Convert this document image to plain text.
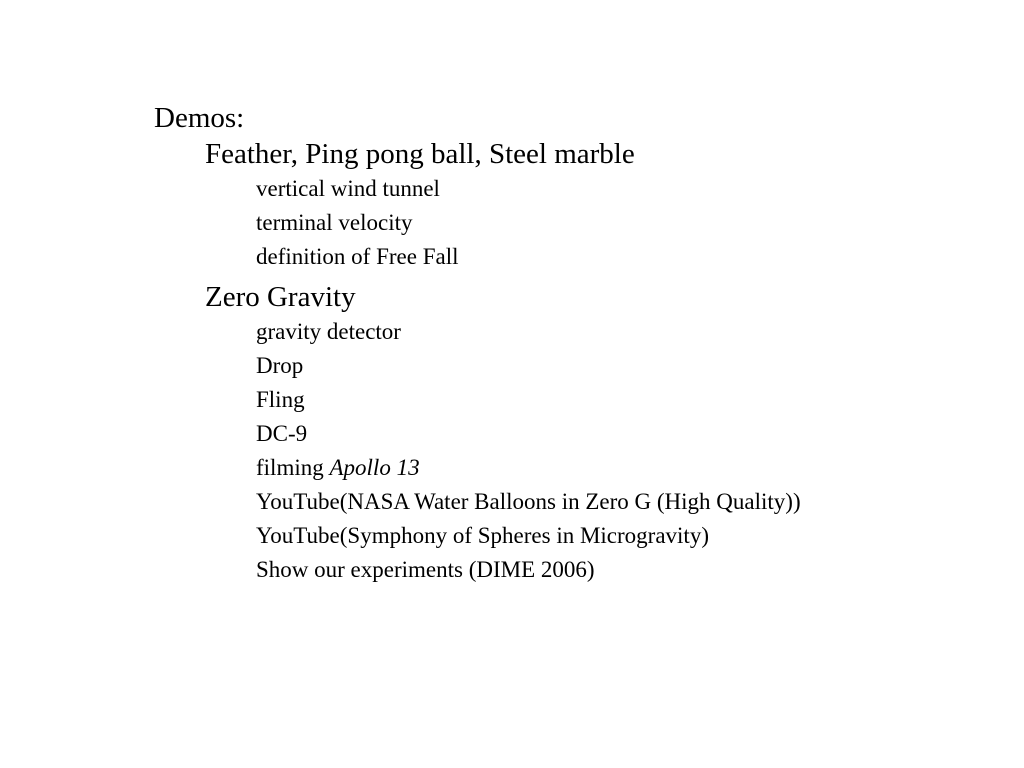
Demos:
Feather, Ping pong ball, Steel marble
vertical wind tunnel
terminal velocity
definition of Free Fall
Zero Gravity
gravity detector
Drop
Fling
DC-9
filming Apollo 13
YouTube(NASA Water Balloons in Zero G (High Quality))
YouTube(Symphony of Spheres in Microgravity)
Show our experiments (DIME 2006)
